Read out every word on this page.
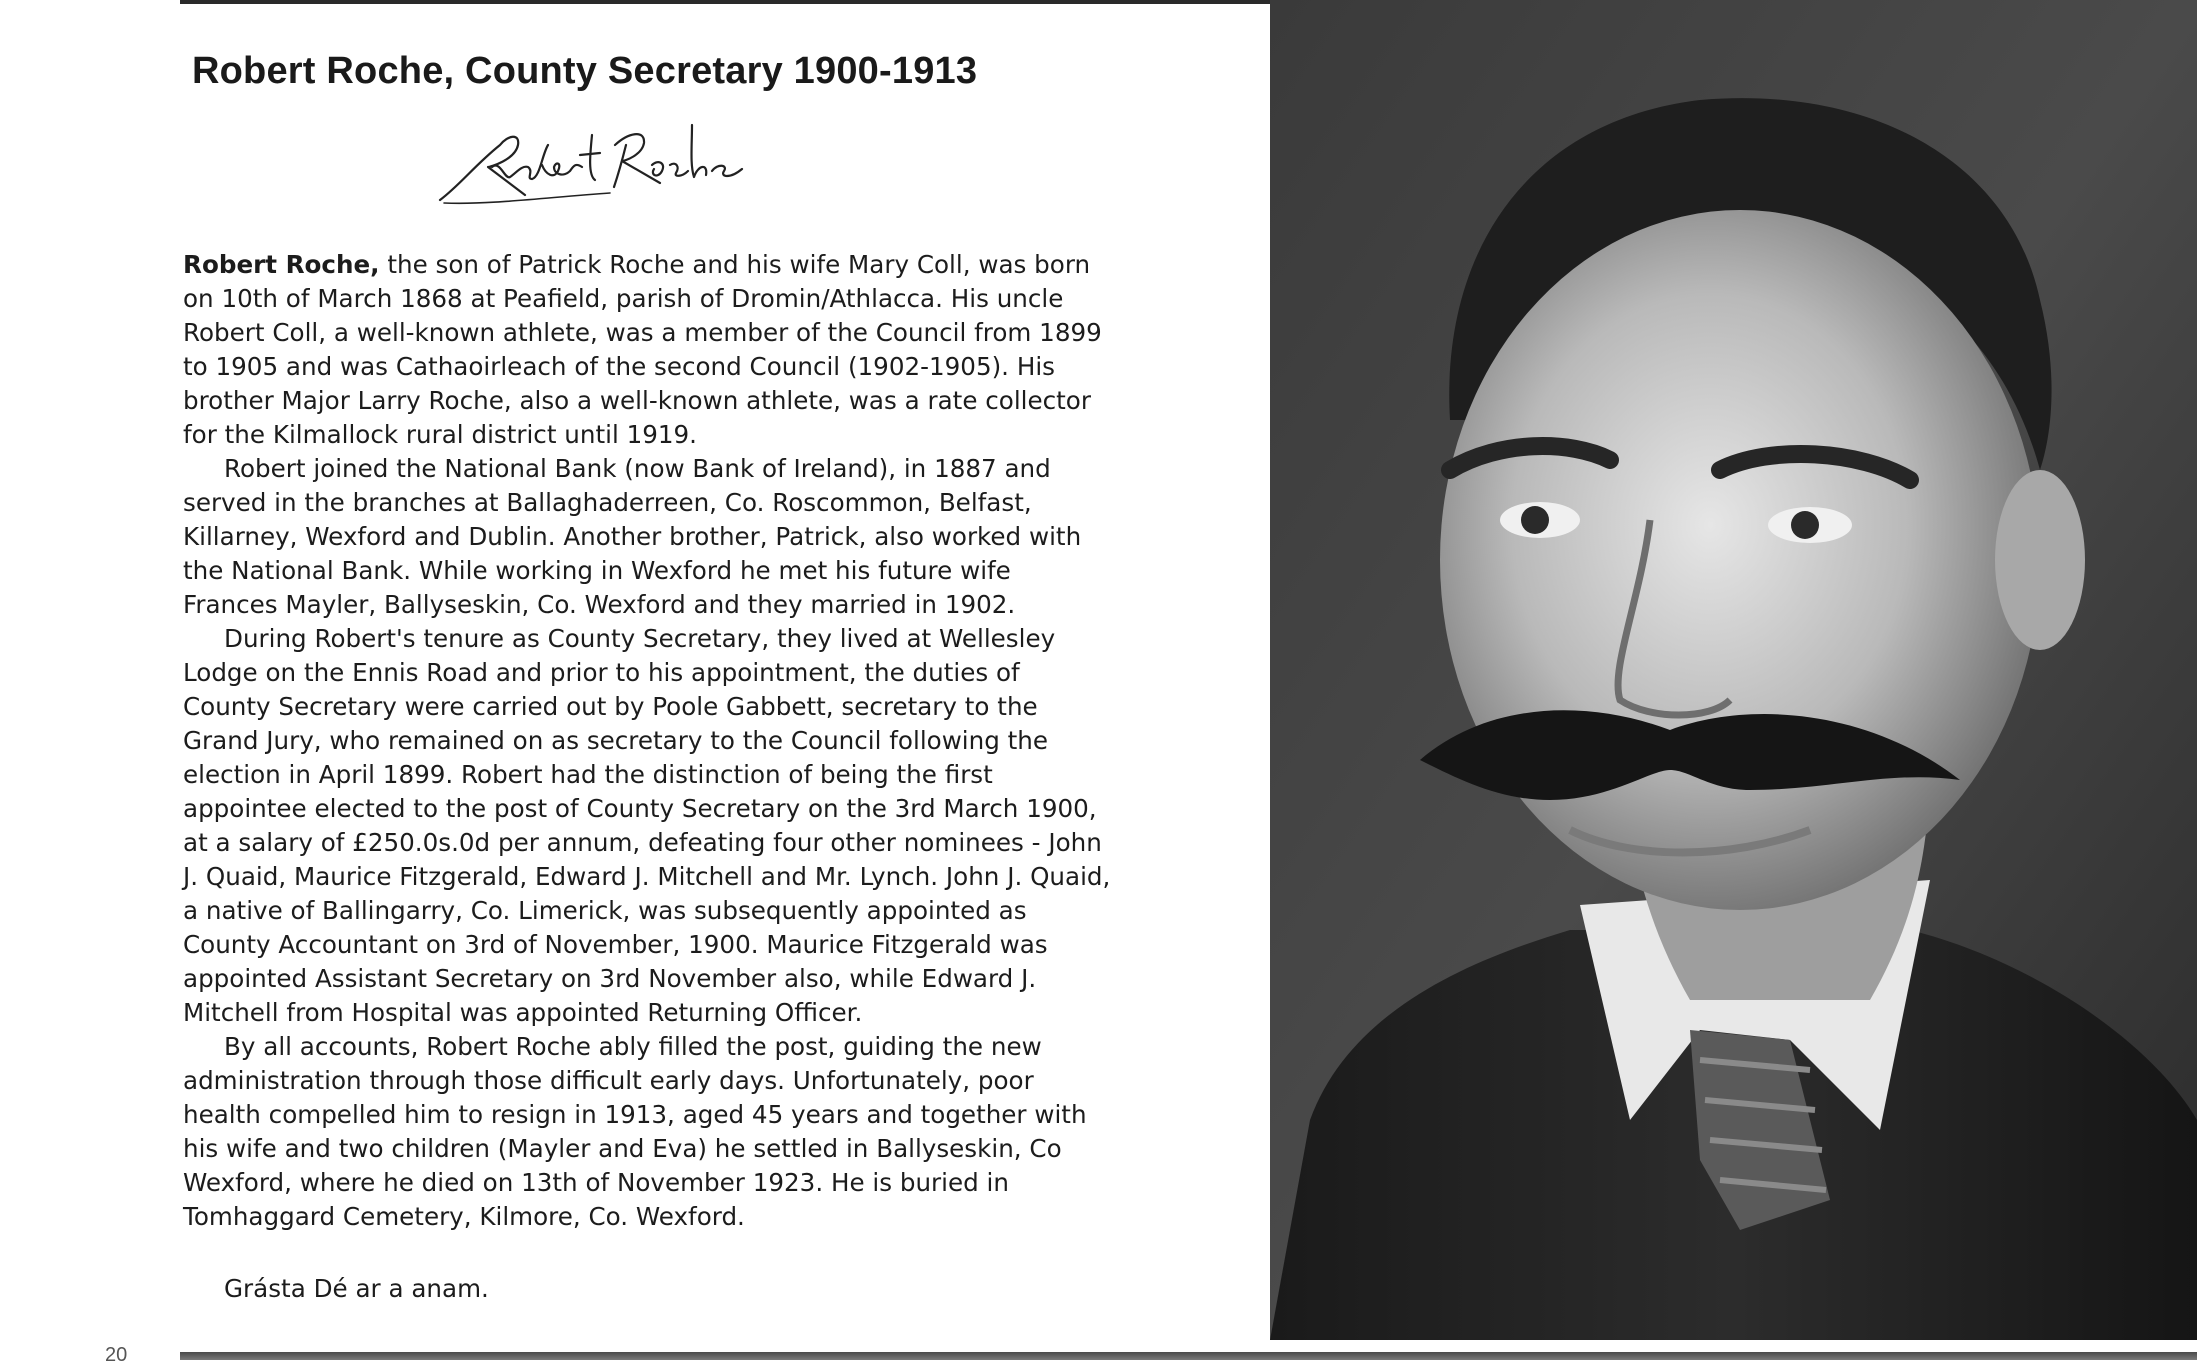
Robert Roche, County Secretary 1900-1913

Robert Roche, the son of Patrick Roche and his wife Mary Coll, was born on 10th of March 1868 at Peafield, parish of Dromin/Athlacca. His uncle Robert Coll, a well-known athlete, was a member of the Council from 1899 to 1905 and was Cathaoirleach of the second Council (1902-1905). His brother Major Larry Roche, also a well-known athlete, was a rate collector for the Kilmallock rural district until 1919.

Robert joined the National Bank (now Bank of Ireland), in 1887 and served in the branches at Ballaghaderreen, Co. Roscommon, Belfast, Killarney, Wexford and Dublin. Another brother, Patrick, also worked with the National Bank. While working in Wexford he met his future wife Frances Mayler, Ballyseskin, Co. Wexford and they married in 1902.

During Robert's tenure as County Secretary, they lived at Wellesley Lodge on the Ennis Road and prior to his appointment, the duties of County Secretary were carried out by Poole Gabbett, secretary to the Grand Jury, who remained on as secretary to the Council following the election in April 1899. Robert had the distinction of being the first appointee elected to the post of County Secretary on the 3rd March 1900, at a salary of £250.0s.0d per annum, defeating four other nominees - John J. Quaid, Maurice Fitzgerald, Edward J. Mitchell and Mr. Lynch. John J. Quaid, a native of Ballingarry, Co. Limerick, was subsequently appointed as County Accountant on 3rd of November, 1900. Maurice Fitzgerald was appointed Assistant Secretary on 3rd November also, while Edward J. Mitchell from Hospital was appointed Returning Officer.

By all accounts, Robert Roche ably filled the post, guiding the new administration through those difficult early days. Unfortunately, poor health compelled him to resign in 1913, aged 45 years and together with his wife and two children (Mayler and Eva) he settled in Ballyseskin, Co Wexford, where he died on 13th of November 1923. He is buried in Tomhaggard Cemetery, Kilmore, Co. Wexford.

Grásta Dé ar a anam.
20
